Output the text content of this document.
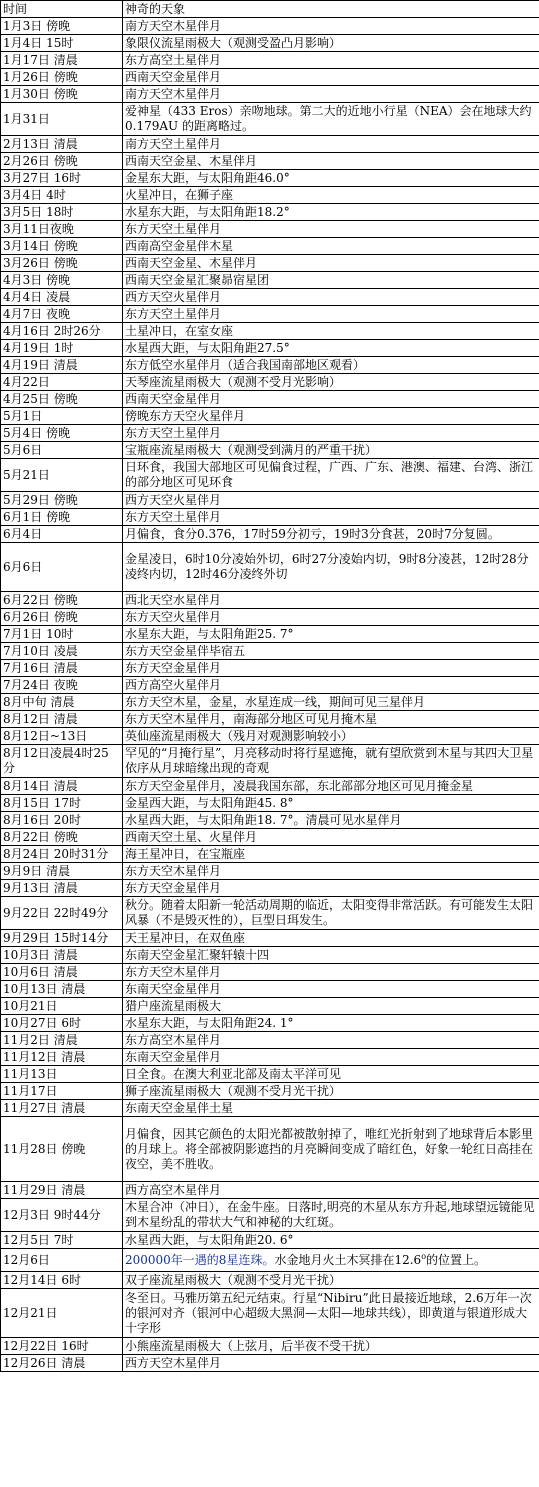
时间	神奇的天象
1月3日 傍晚	南方天空木星伴月
1月4日 15时	象限仪流星雨极大（观测受盈凸月影响）
1月17日 清晨	东方高空土星伴月
1月26日 傍晚	西南天空金星伴月
1月30日 傍晚	南方天空木星伴月
1月31日	爱神星（433 Eros）亲吻地球。第二大的近地小行星（NEA）会在地球大约0.179AU 的距离略过。
2月13日 清晨	南方天空土星伴月
2月26日 傍晚	西南天空金星、木星伴月
3月27日 16时	金星东大距，与太阳角距46.0°
3月4日 4时	火星冲日，在狮子座
3月5日 18时	水星东大距，与太阳角距18.2°
3月11日夜晚	东方天空土星伴月
3月14日 傍晚	西南高空金星伴木星
3月26日 傍晚	西南天空金星、木星伴月
4月3日 傍晚	西南天空金星汇聚昴宿星团
4月4日 凌晨	西方天空火星伴月
4月7日 夜晚	东方天空土星伴月
4月16日 2时26分	土星冲日，在室女座
4月19日 1时	水星西大距，与太阳角距27.5°
4月19日 清晨	东方低空水星伴月（适合我国南部地区观看）
4月22日	天琴座流星雨极大（观测不受月光影响）
4月25日 傍晚	西南天空金星伴月
5月1日	傍晚东方天空火星伴月
5月4日 傍晚	东方天空土星伴月
5月6日	宝瓶座流星雨极大（观测受到满月的严重干扰）
5月21日	日环食，我国大部地区可见偏食过程，广西、广东、港澳、福建、台湾、浙江的部分地区可见环食
5月29日 傍晚	西方天空火星伴月
6月1日 傍晚	东方天空土星伴月
6月4日	月偏食，食分0.376，17时59分初亏，19时3分食甚，20时7分复圆。
6月6日	金星凌日，6时10分凌始外切，6时27分凌始内切，9时8分凌甚，12时28分凌终内切，12时46分凌终外切
6月22日 傍晚	西北天空水星伴月
6月26日 傍晚	东方天空火星伴月
7月1日 10时	水星东大距，与太阳角距25. 7°
7月10日 凌晨	东方天空金星伴毕宿五
7月16日 清晨	东方天空金星伴月
7月24日 夜晚	西方高空火星伴月
8月中旬 清晨	东方天空木星，金星，水星连成一线，期间可见三星伴月
8月12日 清晨	东方天空木星伴月，南海部分地区可见月掩木星
8月12日~13日	英仙座流星雨极大（残月对观测影响较小）
8月12日凌晨4时25分	罕见的“月掩行星”，月亮移动时将行星遮掩，就有望欣赏到木星与其四大卫星依序从月球暗缘出现的奇观
8月14日 清晨	东方天空金星伴月，凌晨我国东部，东北部部分地区可见月掩金星
8月15日 17时	金星西大距，与太阳角距45. 8°
8月16日 20时	水星西大距，与太阳角距18. 7°。清晨可见水星伴月
8月22日 傍晚	西南天空土星、火星伴月
8月24日 20时31分	海王星冲日，在宝瓶座
9月9日 清晨	东方天空木星伴月
9月13日 清晨	东方天空金星伴月
9月22日 22时49分	秋分。随着太阳新一轮活动周期的临近，太阳变得非常活跃。有可能发生太阳风暴（不是毁灭性的），巨型日珥发生。
9月29日 15时14分	天王星冲日，在双鱼座
10月3日 清晨	东南天空金星汇聚轩辕十四
10月6日 清晨	东方天空木星伴月
10月13日 清晨	东南天空金星伴月
10月21日	猎户座流星雨极大
10月27日 6时	水星东大距，与太阳角距24. 1°
11月2日 清晨	东方高空木星伴月
11月12日 清晨	东南天空金星伴月
11月13日	日全食。在澳大利亚北部及南太平洋可见
11月17日	狮子座流星雨极大（观测不受月光干扰）
11月27日 清晨	东南天空金星伴土星
11月28日 傍晚	月偏食，因其它颜色的太阳光都被散射掉了，唯红光折射到了地球背后本影里的月球上。将全部被阴影遮挡的月亮瞬间变成了暗红色，好象一轮红日高挂在夜空，美不胜收。
11月29日 清晨	西方高空木星伴月
12月3日 9时44分	木星合冲（冲日），在金牛座。日落时,明亮的木星从东方升起,地球望远镜能见到木星纷乱的带状大气和神秘的大红斑。
12月5日 7时	水星西大距，与太阳角距20. 6°
12月6日	200000年一遇的8星连珠。水金地月火土木冥排在12.6$^o$的位置上。
12月14日 6时	双子座流星雨极大（观测不受月光干扰）
12月21日	冬至日。马雅历第五纪元结束。行星“Nibiru”此日最接近地球，2.6万年一次的银河对齐（银河中心超级大黑洞—太阳—地球共线），即黄道与银道形成大十字形
12月22日 16时	小熊座流星雨极大（上弦月，后半夜不受干扰）
12月26日 清晨	西方天空木星伴月
